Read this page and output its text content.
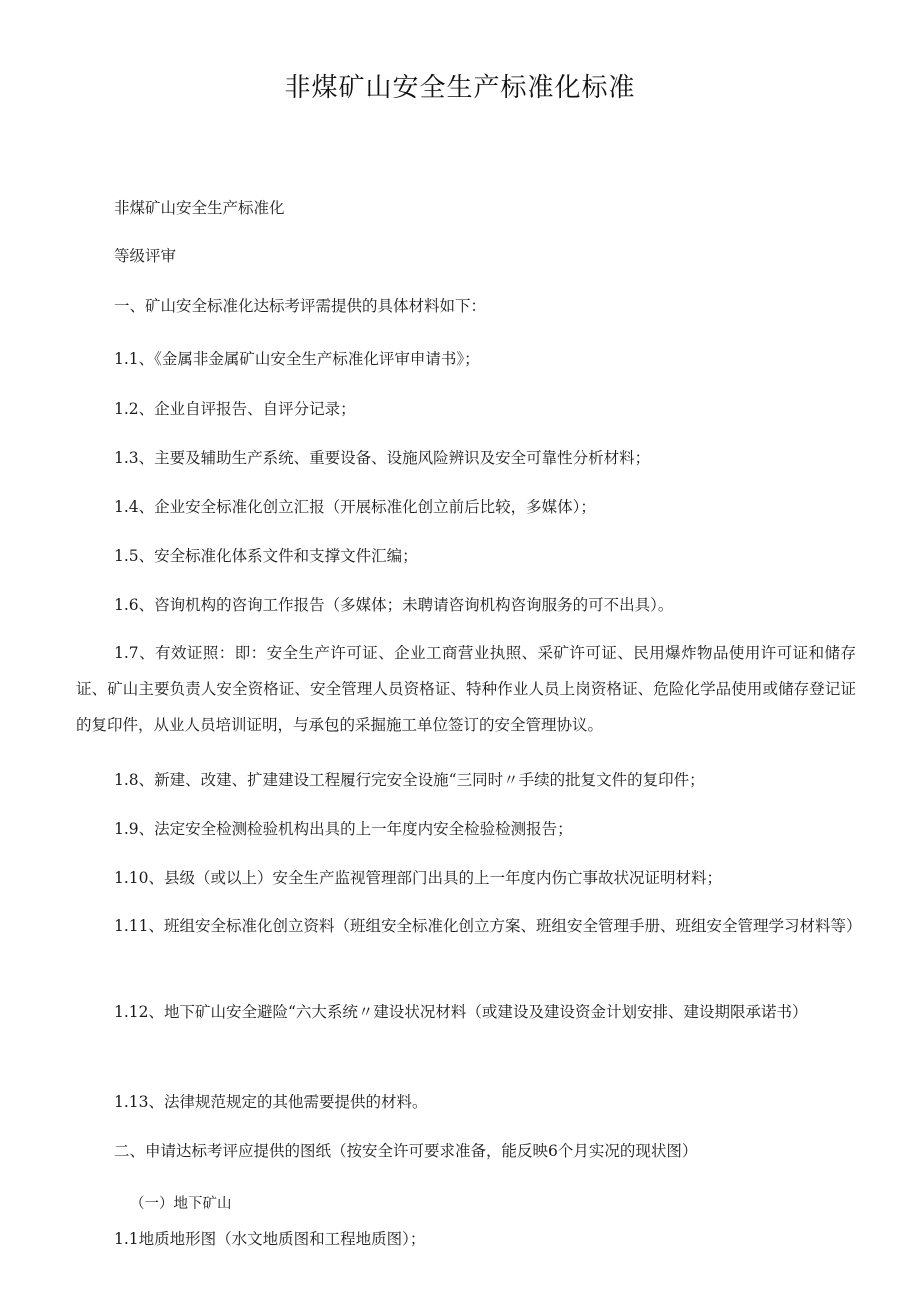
非煤矿山安全生产标准化标准
非煤矿山安全生产标准化
等级评审
一、矿山安全标准化达标考评需提供的具体材料如下：
1.1、《金属非金属矿山安全生产标准化评审申请书》；
1.2、企业自评报告、自评分记录；
1.3、主要及辅助生产系统、重要设备、设施风险辨识及安全可靠性分析材料；
1.4、企业安全标准化创立汇报（开展标准化创立前后比较，多媒体）；
1.5、安全标准化体系文件和支撑文件汇编；
1.6、咨询机构的咨询工作报告（多媒体；未聘请咨询机构咨询服务的可不出具）。
1.7、有效证照：即：安全生产许可证、企业工商营业执照、采矿许可证、民用爆炸物品使用许可证和储存证、矿山主要负责人安全资格证、安全管理人员资格证、特种作业人员上岗资格证、危险化学品使用或储存登记证的复印件，从业人员培训证明，与承包的采掘施工单位签订的安全管理协议。
1.8、新建、改建、扩建建设工程履行完安全设施“三同时〃手续的批复文件的复印件；
1.9、法定安全检测检验机构出具的上一年度内安全检验检测报告；
1.10、县级（或以上）安全生产监视管理部门出具的上一年度内伤亡事故状况证明材料；
1.11、班组安全标准化创立资料（班组安全标准化创立方案、班组安全管理手册、班组安全管理学习材料等）
1.12、地下矿山安全避险“六大系统〃建设状况材料（或建设及建设资金计划安排、建设期限承诺书）
1.13、法律规范规定的其他需要提供的材料。
二、申请达标考评应提供的图纸（按安全许可要求准备，能反映6个月实况的现状图）
（一）地下矿山
1.1地质地形图（水文地质图和工程地质图）；
